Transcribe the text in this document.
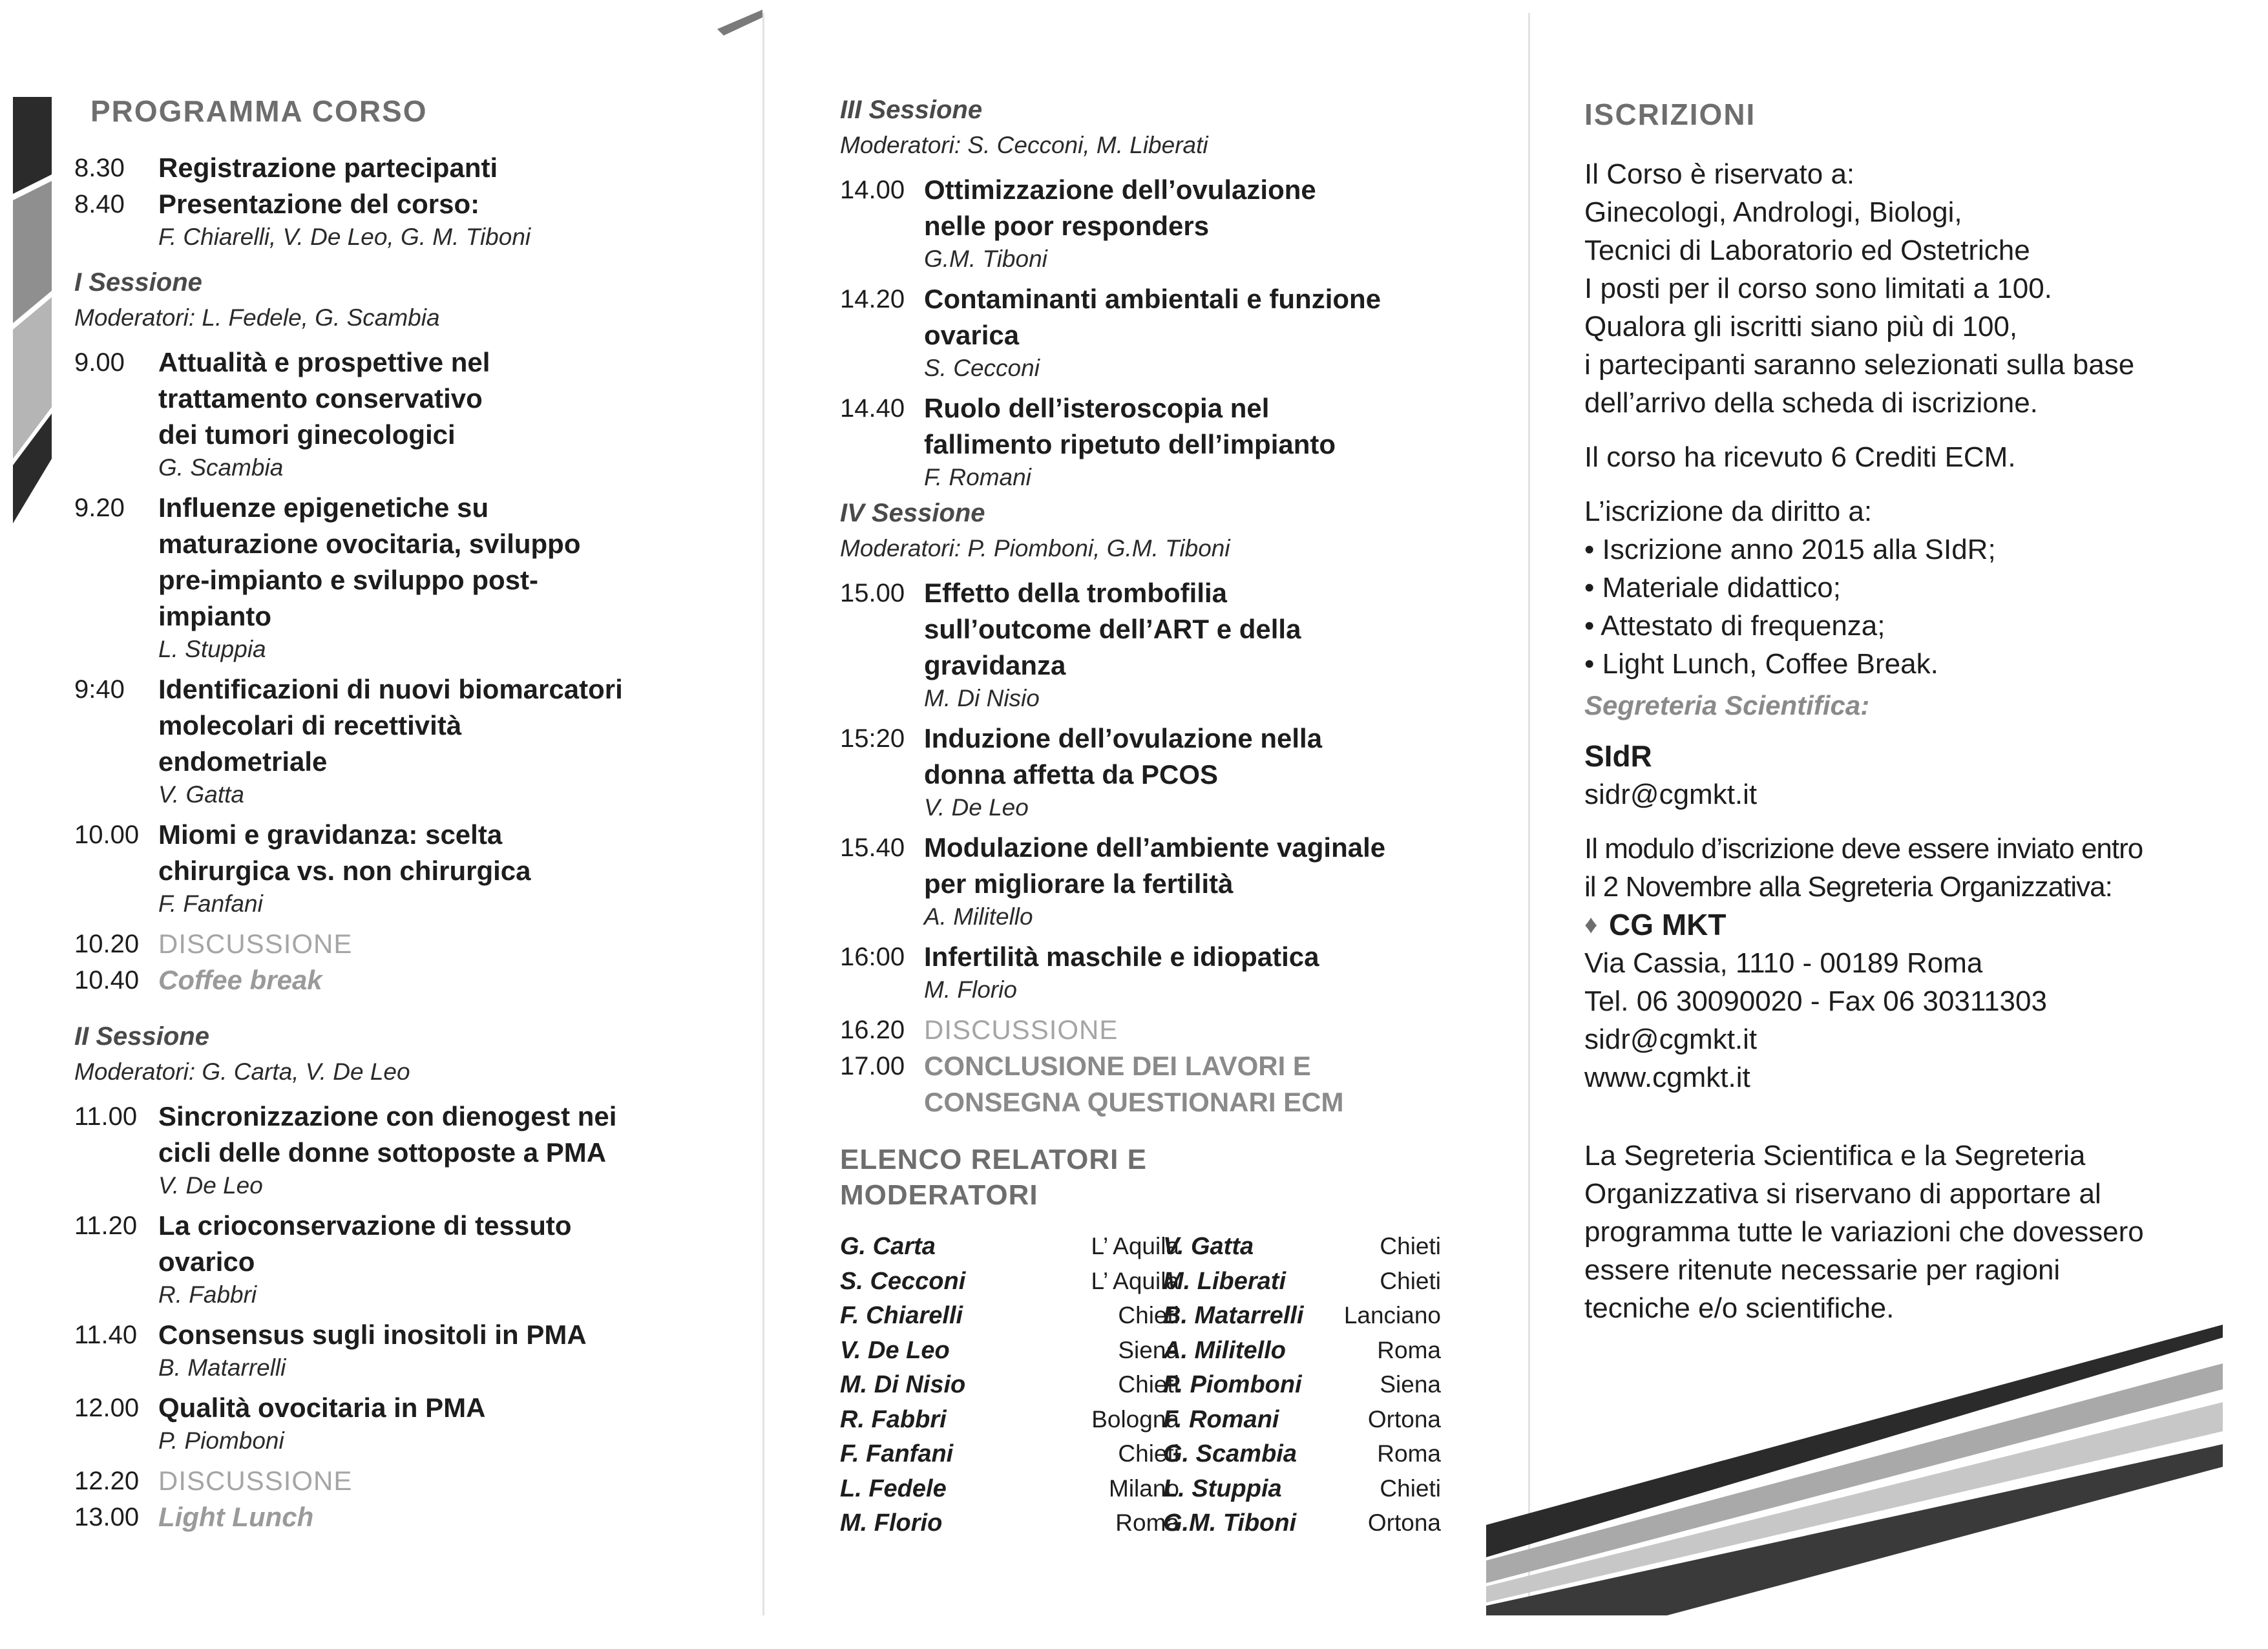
PROGRAMMA CORSO
8.30 Registrazione partecipanti
8.40 Presentazione del corso:
F. Chiarelli, V. De Leo, G. M. Tiboni
I Sessione
Moderatori: L. Fedele, G. Scambia
9.00 Attualità e prospettive nel
trattamento conservativo
dei tumori ginecologici
G. Scambia
9.20 Influenze epigenetiche su
maturazione ovocitaria, sviluppo
pre-impianto e sviluppo post-
impianto
L. Stuppia
9:40 Identificazioni di nuovi biomarcatori
molecolari di recettività
endometriale
V. Gatta
10.00 Miomi e gravidanza: scelta
chirurgica vs. non chirurgica
F. Fanfani
10.20 DISCUSSIONE
10.40 Coffee break
II Sessione
Moderatori: G. Carta, V. De Leo
11.00 Sincronizzazione con dienogest nei
cicli delle donne sottoposte a PMA
V. De Leo
11.20 La crioconservazione di tessuto
ovarico
R. Fabbri
11.40 Consensus sugli inositoli in PMA
B. Matarrelli
12.00 Qualità ovocitaria in PMA
P. Piomboni
12.20 DISCUSSIONE
13.00 Light Lunch
III Sessione
Moderatori: S. Cecconi, M. Liberati
14.00 Ottimizzazione dell’ovulazione
nelle poor responders
G.M. Tiboni
14.20 Contaminanti ambientali e funzione
ovarica
S. Cecconi
14.40 Ruolo dell’isteroscopia nel
fallimento ripetuto dell’impianto
F. Romani
IV Sessione
Moderatori: P. Piomboni, G.M. Tiboni
15.00 Effetto della trombofilia
sull’outcome dell’ART e della
gravidanza
M. Di Nisio
15:20 Induzione dell’ovulazione nella
donna affetta da PCOS
V. De Leo
15.40 Modulazione dell’ambiente vaginale
per migliorare la fertilità
A. Militello
16:00 Infertilità maschile e idiopatica
M. Florio
16.20 DISCUSSIONE
17.00 CONCLUSIONE DEI LAVORI E
CONSEGNA QUESTIONARI ECM
ELENCO RELATORI E
MODERATORI
G. Carta	L’ Aquila
S. Cecconi	L’ Aquila
F. Chiarelli	Chieti
V. De Leo	Siena
M. Di Nisio	Chieti
R. Fabbri	Bologna
F. Fanfani	Chieti
L. Fedele	Milano
M. Florio	Roma
V. Gatta	Chieti
M. Liberati	Chieti
B. Matarrelli	Lanciano
A. Militello	Roma
P. Piomboni	Siena
F. Romani	Ortona
G. Scambia	Roma
L. Stuppia	Chieti
G.M. Tiboni	Ortona
ISCRIZIONI
Il Corso è riservato a:
Ginecologi, Andrologi, Biologi,
Tecnici di Laboratorio ed Ostetriche
I posti per il corso sono limitati a 100.
Qualora gli iscritti siano più di 100,
i partecipanti saranno selezionati sulla base
dell’arrivo della scheda di iscrizione.
Il corso ha ricevuto 6 Crediti ECM.
L’iscrizione da diritto a:
• Iscrizione anno 2015 alla SIdR;
• Materiale didattico;
• Attestato di frequenza;
• Light Lunch, Coffee Break.
Segreteria Scientifica:
SIdR
sidr@cgmkt.it
Il modulo d’iscrizione deve essere inviato entro
il 2 Novembre alla Segreteria Organizzativa:
♦ CG MKT
Via Cassia, 1110 - 00189 Roma
Tel. 06 30090020 - Fax 06 30311303
sidr@cgmkt.it
www.cgmkt.it
La Segreteria Scientifica e la Segreteria
Organizzativa si riservano di apportare al
programma tutte le variazioni che dovessero
essere ritenute necessarie per ragioni
tecniche e/o scientifiche.
